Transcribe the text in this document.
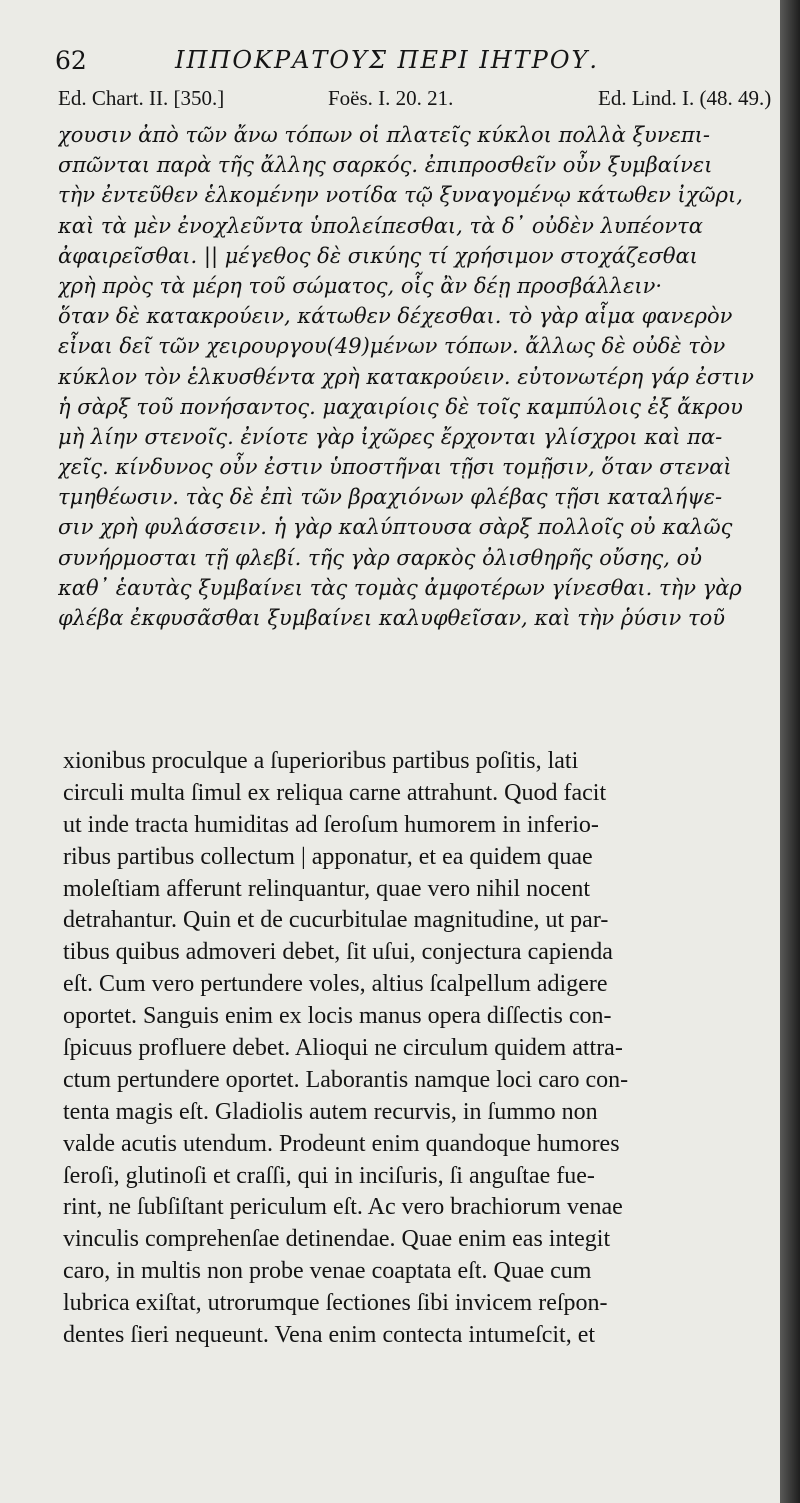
62	ΙΠΠΟΚΡΑΤΟΥΣ ΠΕΡΙ ΙΗΤΡΟΥ.
Ed. Chart. II. [350.]	Foës. I. 20. 21.	Ed. Lind. I. (48. 49.)
χουσιν ἀπὸ τῶν ἄνω τόπων οἱ πλατεῖς κύκλοι πολλὰ ξυνεπι-
σπῶνται παρὰ τῆς ἄλλης σαρκός. ἐπιπροσθεῖν οὖν ξυμβαίνει
τὴν ἐντεῦθεν ἑλκομένην νοτίδα τῷ ξυναγομένῳ κάτωθεν ἰχῶρι,
καὶ τὰ μὲν ἐνοχλεῦντα ὑπολείπεσθαι, τὰ δ᾽ οὐδὲν λυπέοντα
ἀφαιρεῖσθαι. || μέγεθος δὲ σικύης τί χρήσιμον στοχάζεσθαι
χρὴ πρὸς τὰ μέρη τοῦ σώματος, οἷς ἂν δέῃ προσβάλλειν·
ὅταν δὲ κατακρούειν, κάτωθεν δέχεσθαι. τὸ γὰρ αἷμα φανερὸν
εἶναι δεῖ τῶν χειρουργου(49)μένων τόπων. ἄλλως δὲ οὐδὲ τὸν
κύκλον τὸν ἑλκυσθέντα χρὴ κατακρούειν. εὐτονωτέρη γάρ ἐστιν
ἡ σὰρξ τοῦ πονήσαντος. μαχαιρίοις δὲ τοῖς καμπύλοις ἐξ ἄκρου
μὴ λίην στενοῖς. ἐνίοτε γὰρ ἰχῶρες ἔρχονται γλίσχροι καὶ πα-
χεῖς. κίνδυνος οὖν ἐστιν ὑποστῆναι τῇσι τομῇσιν, ὅταν στεναὶ
τμηθέωσιν. τὰς δὲ ἐπὶ τῶν βραχιόνων φλέβας τῇσι καταλήψε-
σιν χρὴ φυλάσσειν. ἡ γὰρ καλύπτουσα σὰρξ πολλοῖς οὐ καλῶς
συνήρμοσται τῇ φλεβί. τῆς γὰρ σαρκὸς ὀλισθηρῆς οὔσης, οὐ
καθ᾽ ἑαυτὰς ξυμβαίνει τὰς τομὰς ἀμφοτέρων γίνεσθαι. τὴν γὰρ
φλέβα ἐκφυσᾶσθαι ξυμβαίνει καλυφθεῖσαν, καὶ τὴν ῥύσιν τοῦ
xionibus proculque a ſuperioribus partibus poſitis, lati
circuli multa ſimul ex reliqua carne attrahunt. Quod facit
ut inde tracta humiditas ad ſeroſum humorem in inferio-
ribus partibus collectum | apponatur, et ea quidem quae
moleſtiam afferunt relinquantur, quae vero nihil nocent
detrahantur. Quin et de cucurbitulae magnitudine, ut par-
tibus quibus admoveri debet, ſit uſui, conjectura capienda
eſt. Cum vero pertundere voles, altius ſcalpellum adigere
oportet. Sanguis enim ex locis manus opera diſſectis con-
ſpicuus profluere debet. Alioqui ne circulum quidem attra-
ctum pertundere oportet. Laborantis namque loci caro con-
tenta magis eſt. Gladiolis autem recurvis, in ſummo non
valde acutis utendum. Prodeunt enim quandoque humores
ſeroſi, glutinoſi et craſſi, qui in inciſuris, ſi anguſtae fue-
rint, ne ſubſiſtant periculum eſt. Ac vero brachiorum venae
vinculis comprehenſae detinendae. Quae enim eas integit
caro, in multis non probe venae coaptata eſt. Quae cum
lubrica exiſtat, utrorumque ſectiones ſibi invicem reſpon-
dentes ſieri nequeunt. Vena enim contecta intumeſcit, et
